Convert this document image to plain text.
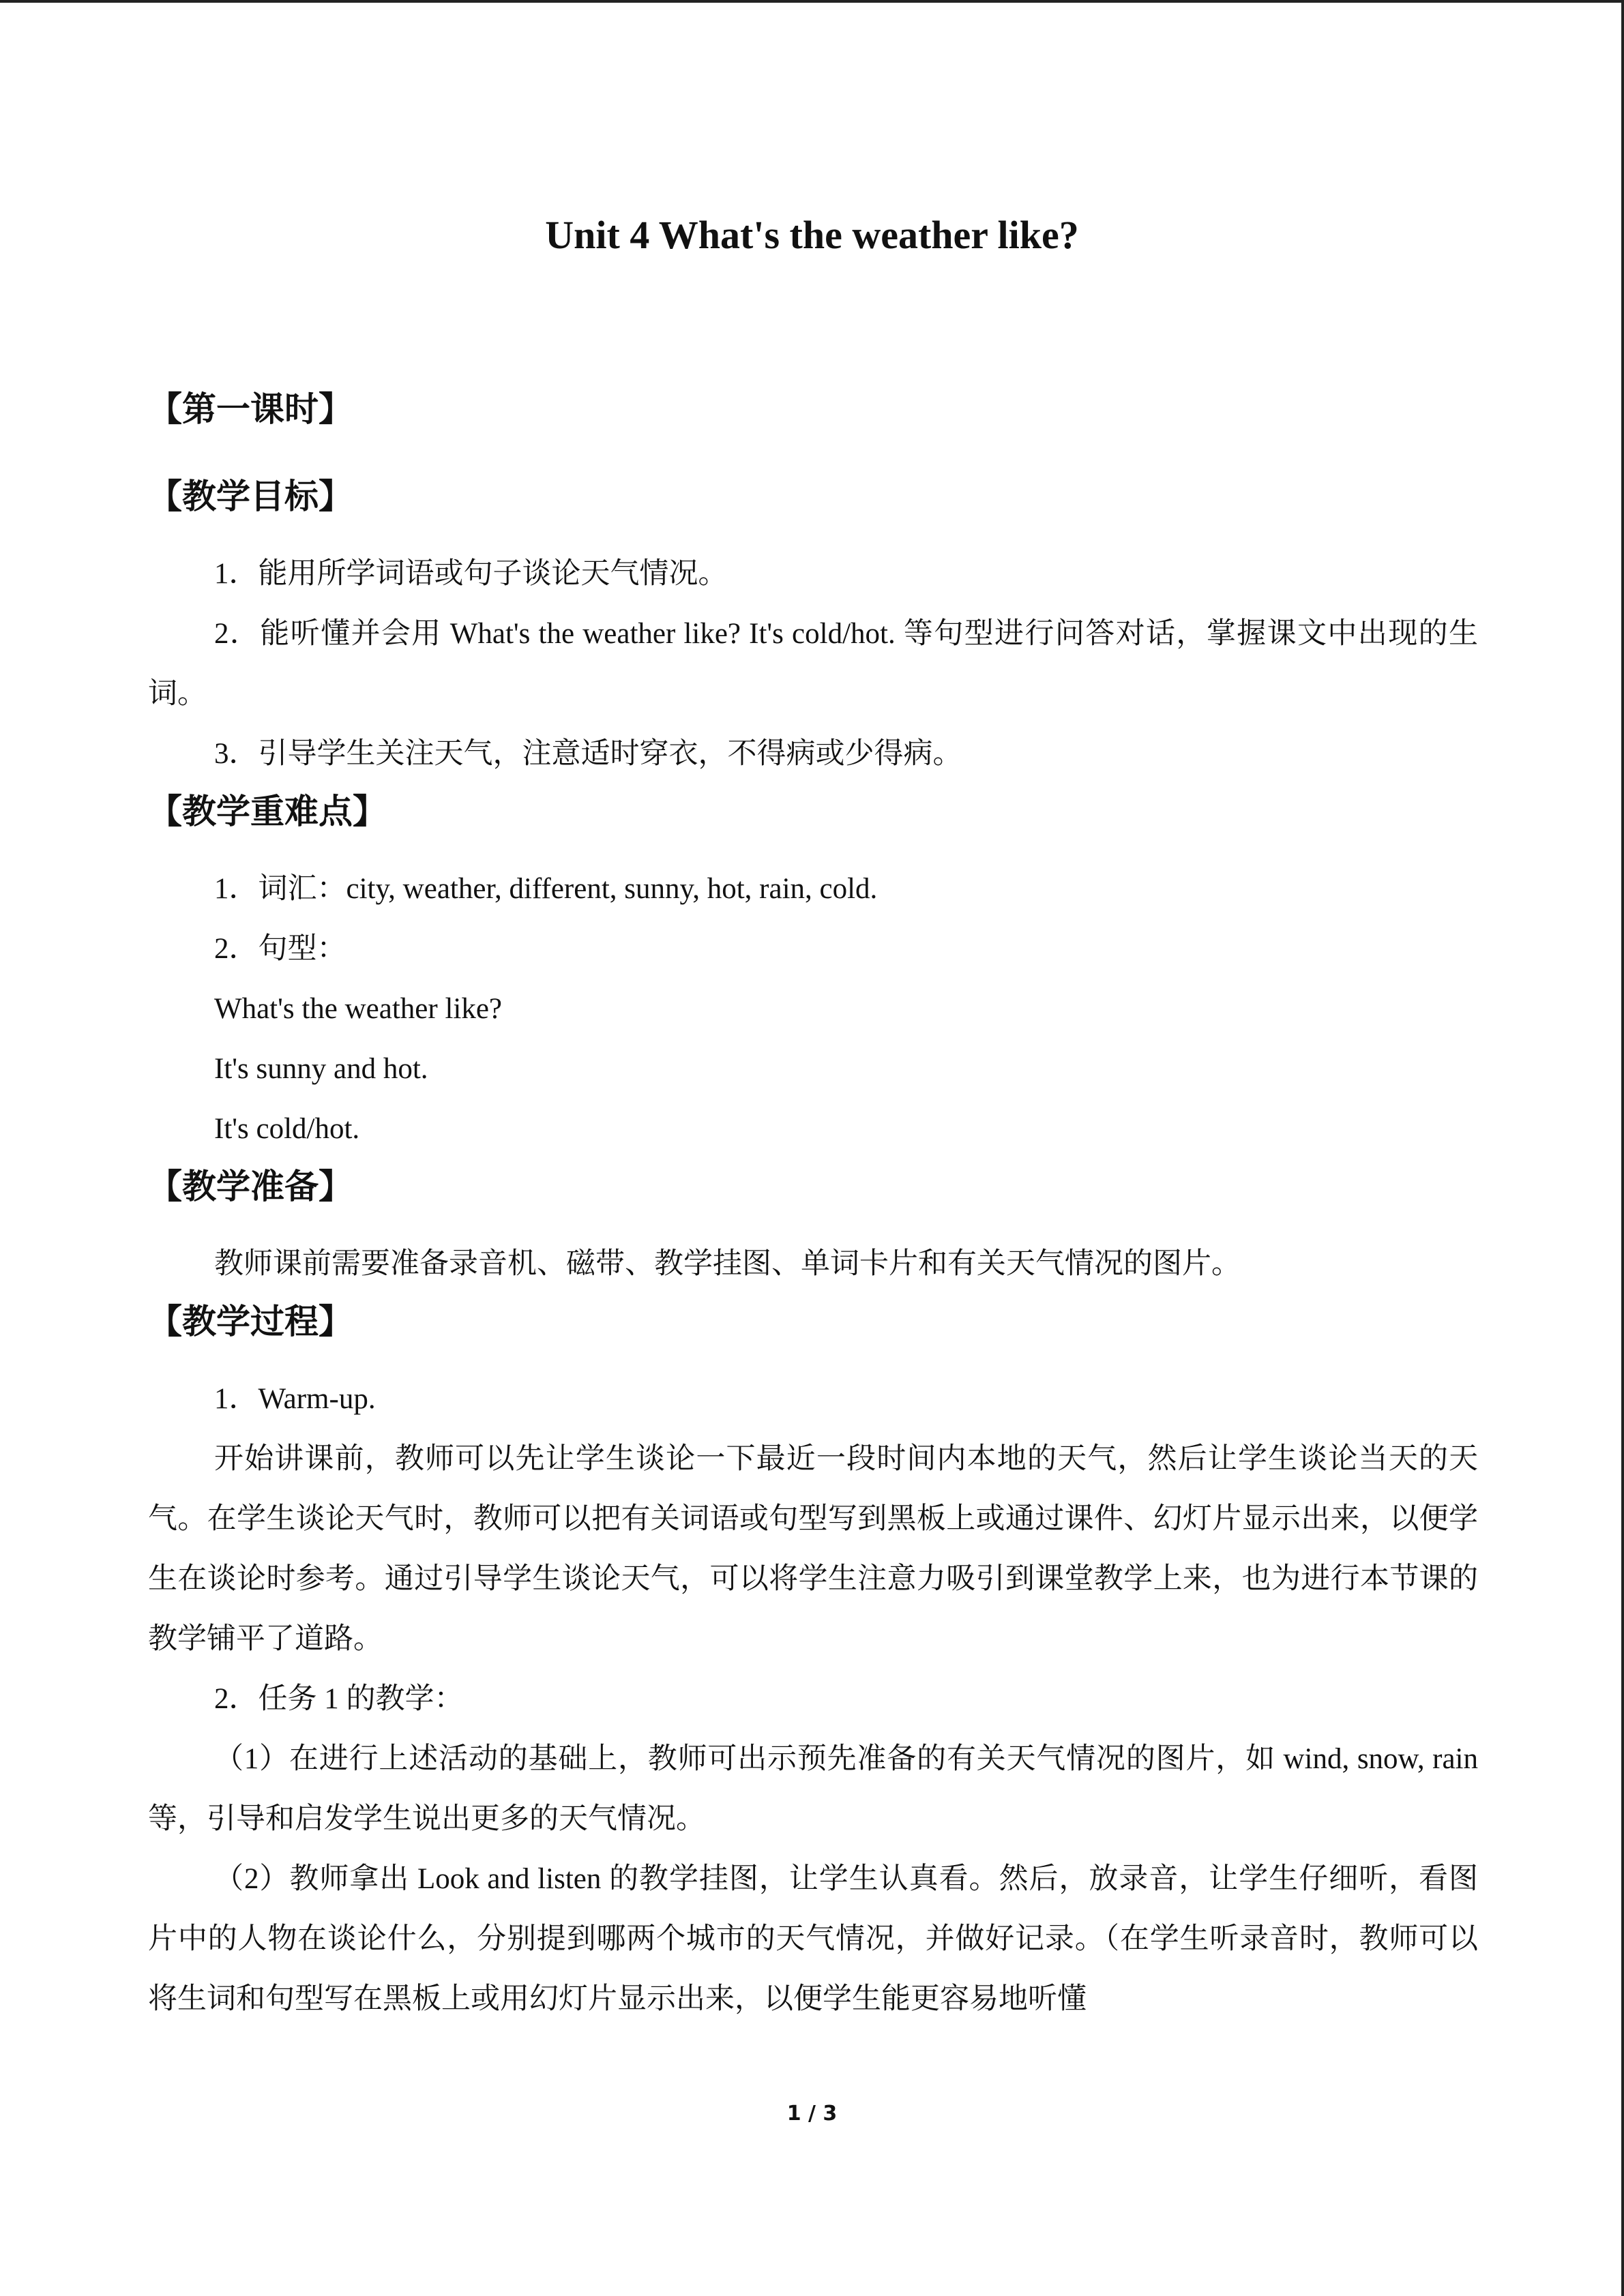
Unit 4 What's the weather like?

【第一课时】

【教学目标】

1．能用所学词语或句子谈论天气情况。

2．能听懂并会用 What's the weather like? It's cold/hot. 等句型进行问答对话，掌握课文中出现的生词。

3．引导学生关注天气，注意适时穿衣，不得病或少得病。

【教学重难点】

1．词汇：city, weather, different, sunny, hot, rain, cold.

2．句型：

What's the weather like?

It's sunny and hot.

It's cold/hot.

【教学准备】

教师课前需要准备录音机、磁带、教学挂图、单词卡片和有关天气情况的图片。

【教学过程】

1．Warm-up.

开始讲课前，教师可以先让学生谈论一下最近一段时间内本地的天气，然后让学生谈论当天的天气。在学生谈论天气时，教师可以把有关词语或句型写到黑板上或通过课件、幻灯片显示出来，以便学生在谈论时参考。通过引导学生谈论天气，可以将学生注意力吸引到课堂教学上来，也为进行本节课的教学铺平了道路。

2．任务 1 的教学：

（1）在进行上述活动的基础上，教师可出示预先准备的有关天气情况的图片，如 wind, snow, rain 等，引导和启发学生说出更多的天气情况。

（2）教师拿出 Look and listen 的教学挂图，让学生认真看。然后，放录音，让学生仔细听，看图片中的人物在谈论什么，分别提到哪两个城市的天气情况，并做好记录。（在学生听录音时，教师可以将生词和句型写在黑板上或用幻灯片显示出来，以便学生能更容易地听懂

1 / 3
